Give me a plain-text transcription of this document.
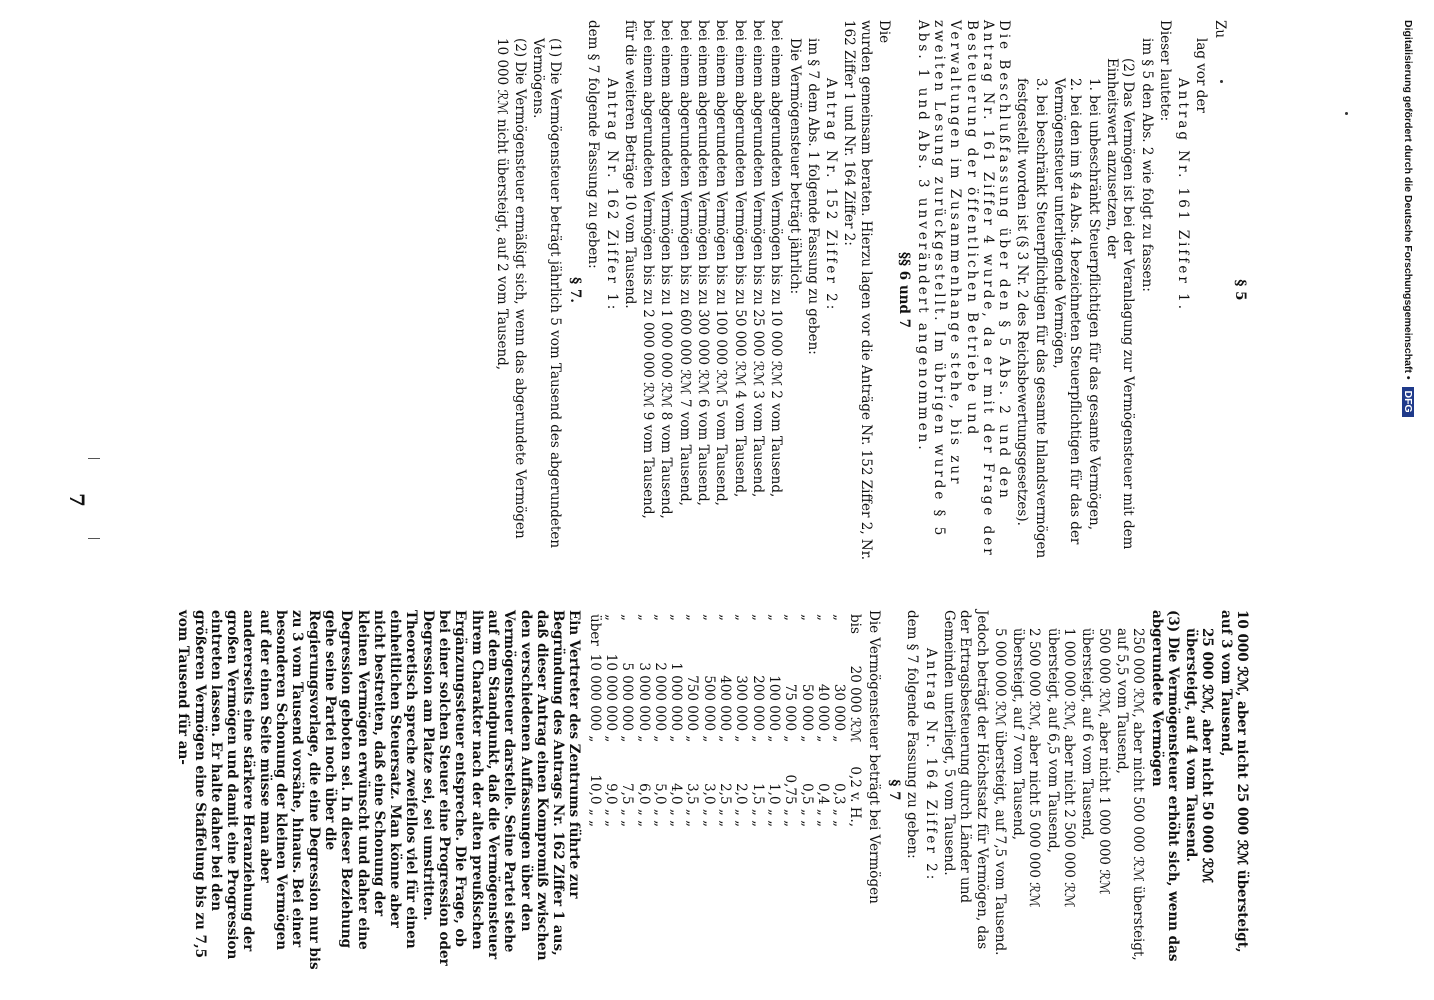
7
§ 5
Zu
lag vor der
Antrag Nr. 161 Ziffer 1.
Dieser lautete:
im § 5 den Abs. 2 wie folgt zu fassen:
(2) Das Vermögen ist bei der Veranlagung zur Vermögensteuer mit dem Einheitswert anzusetzen, der
1. bei unbeschränkt Steuerpflichtigen für das gesamte Vermögen,
2. bei den im § 4a Abs. 4 bezeichneten Steuerpflichtigen für das der Vermögensteuer unterliegende Vermögen,
3. bei beschränkt Steuerpflichtigen für das gesamte Inlandsvermögen
festgestellt worden ist (§ 3 Nr. 2 des Reichsbewertungsgesetzes).
Die Beschlußfassung über den § 5 Abs. 2 und den Antrag Nr. 161 Ziffer 4 wurde, da er mit der Frage der Besteuerung der öffentlichen Betriebe und Verwaltungen im Zusammenhange stehe, bis zur zweiten Lesung zurückgestellt. Im übrigen wurde § 5 Abs. 1 und Abs. 3 unverändert angenommen.
§§ 6 und 7
Die
wurden gemeinsam beraten. Hierzu lagen vor die Anträge Nr. 152 Ziffer 2, Nr. 162 Ziffer 1 und Nr. 164 Ziffer 2:
Antrag Nr. 152 Ziffer 2:
im § 7 dem Abs. 1 folgende Fassung zu geben:
Die Vermögensteuer beträgt jährlich:
bei einem abgerundeten Vermögen bis zu 10 000 ℛℳ 2 vom Tausend,
bei einem abgerundeten Vermögen bis zu 25 000 ℛℳ 3 vom Tausend,
bei einem abgerundeten Vermögen bis zu 50 000 ℛℳ 4 vom Tausend,
bei einem abgerundeten Vermögen bis zu 100 000 ℛℳ 5 vom Tausend,
bei einem abgerundeten Vermögen bis zu 300 000 ℛℳ 6 vom Tausend,
bei einem abgerundeten Vermögen bis zu 600 000 ℛℳ 7 vom Tausend,
bei einem abgerundeten Vermögen bis zu 1 000 000 ℛℳ 8 vom Tausend,
bei einem abgerundeten Vermögen bis zu 2 000 000 ℛℳ 9 vom Tausend,
für die weiteren Beträge 10 vom Tausend.
Antrag Nr. 162 Ziffer 1:
dem § 7 folgende Fassung zu geben:
§ 7.
(1) Die Vermögensteuer beträgt jährlich 5 vom Tausend des abgerundeten Vermögens.
(2) Die Vermögensteuer ermäßigt sich, wenn das abgerundete Vermögen
10 000 ℛℳ nicht übersteigt, auf 2 vom Tausend,
10 000 ℛℳ, aber nicht 25 000 ℛℳ übersteigt, auf 3 vom Tausend,
25 000 ℛℳ, aber nicht 50 000 ℛℳ übersteigt, auf 4 vom Tausend.
(3) Die Vermögensteuer erhöht sich, wenn das abgerundete Vermögen
250 000 ℛℳ, aber nicht 500 000 ℛℳ übersteigt, auf 5,5 vom Tausend,
500 000 ℛℳ, aber nicht 1 000 000 ℛℳ übersteigt, auf 6 vom Tausend,
1 000 000 ℛℳ, aber nicht 2 500 000 ℛℳ übersteigt, auf 6,5 vom Tausend,
2 500 000 ℛℳ, aber nicht 5 000 000 ℛℳ übersteigt, auf 7 vom Tausend,
5 000 000 ℛℳ übersteigt, auf 7,5 vom Tausend.
Jedoch beträgt der Höchstsatz für Vermögen, das der Ertragsbesteuerung durch Länder und Gemeinden unterliegt, 5 vom Tausend.
Antrag Nr. 164 Ziffer 2:
dem § 7 folgende Fassung zu geben:
§ 7
Die Vermögensteuer beträgt bei Vermögen
bis	20 000 ℛℳ	0,2 v. H.,
„	30 000 „	0,3 „ „
„	40 000 „	0,4 „ „
„	50 000 „	0,5 „ „
„	75 000 „	0,75 „ „
„	100 000 „	1,0 „ „
„	200 000 „	1,5 „ „
„	300 000 „	2,0 „ „
„	400 000 „	2,5 „ „
„	500 000 „	3,0 „ „
„	750 000 „	3,5 „ „
„	1 000 000 „	4,0 „ „
„	2 000 000 „	5,0 „ „
„	3 000 000 „	6,0 „ „
„	5 000 000 „	7,5 „ „
„	10 000 000 „	9,0 „ „
über	10 000 000 „	10,0 „ „
Ein Vertreter des Zentrums führte zur Begründung des Antrags Nr. 162 Ziffer 1 aus, daß dieser Antrag einen Kompromiß zwischen den verschiedenen Auffassungen über den Vermögensteuer darstelle. Seine Partei stehe auf dem Standpunkt, daß die Vermögensteuer ihrem Charakter nach der alten preußischen Ergänzungssteuer entspreche. Die Frage, ob bei einer solchen Steuer eine Progression oder Degression am Platze sei, sei umstritten. Theoretisch spreche zweifellos viel für einen einheitlichen Steuersatz. Man könne aber nicht bestreiten, daß eine Schonung der kleinen Vermögen erwünscht und daher eine Degression geboten sei. In dieser Beziehung gehe seine Partei noch über die Regierungsvorlage, die eine Degression nur bis zu 3 vom Tausend vorsähe, hinaus. Bei einer besonderen Schonung der kleinen Vermögen auf der einen Seite müsse man aber andererseits eine stärkere Heranziehung der großen Vermögen und damit eine Progression eintreten lassen. Er halte daher bei den größeren Vermögen eine Staffelung bis zu 7,5 vom Tausend für an-
Digitalisierung gefördert durch die Deutsche Forschungsgemeinschaft • DFG
